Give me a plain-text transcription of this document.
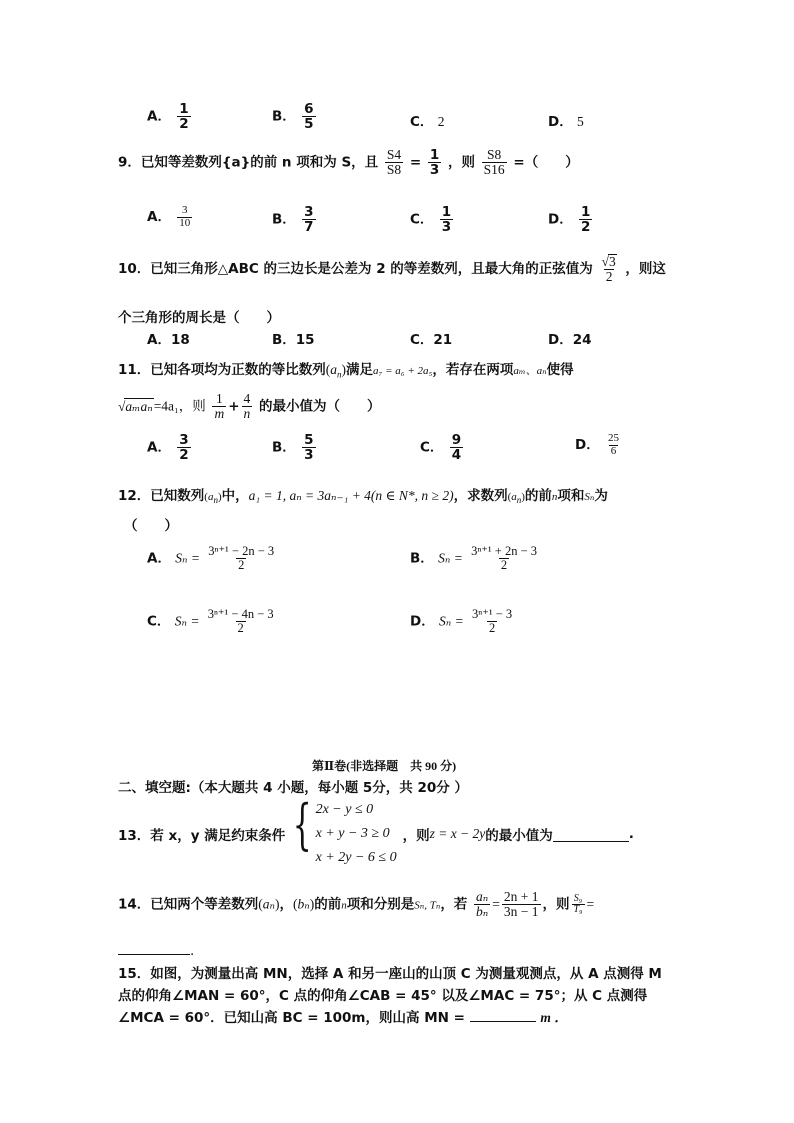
A． $\frac{1}{2}$	B． $\frac{6}{5}$	C． 2	D． 5
9．已知等差数列{a}的前 n 项和为 S，且 $\frac{S4}{S8} = \frac{1}{3}$ ，则 $\frac{S8}{S16}$ =（　　）
A． $\frac{3}{10}$	B． $\frac{3}{7}$	C． $\frac{1}{3}$	D． $\frac{1}{2}$
10．已知三角形△ABC 的三边长是公差为 2 的等差数列，且最大角的正弦值为 $\frac{√3}{2}$ ，则这
个三角形的周长是（　　）
A．18	B．15	C．21	D．24
11．已知各项均为正数的等比数列$(a_n)$满足a₇ = a₆ + 2a₅，若存在两项aₘ、aₙ使得
√aₘaₙ=4a₁，则 $\frac{1}{m} + \frac{4}{n}$ 的最小值为（　　）
A． $\frac{3}{2}$	B． $\frac{5}{3}$	C． $\frac{9}{4}$	D． $\frac{25}{6}$
12．已知数列$(a_n)$中，a₁ = 1, aₙ = 3aₙ₋₁ + 4(n ∈ N*, n ≥ 2)，求数列$(a_n)$的前n项和Sₙ为
（　　）
A． $S_n = \frac{\text{3ⁿ⁺¹ − 2n − 3}}{2}$	B． $S_n = \frac{\text{3ⁿ⁺¹ + 2n − 3}}{2}$
C． $S_n = \frac{\text{3ⁿ⁺¹ − 4n − 3}}{2}$	D． $S_n = \frac{\text{3ⁿ⁺¹ − 3}}{2}$
第Ⅱ卷(非选择题　共 90 分)
二、填空题:（本大题共 4 小题，每小题 5分，共 20分 ）
13．若 x，y 满足约束条件 { 2x − y ≤ 0
x + y − 3 ≥ 0
x + 2y − 6 ≤ 0
，则 z = x − 2y 的最小值为	.
14．已知两个等差数列(aₙ)，(bₙ)的前n项和分别是Sₙ, Tₙ，若 $\frac{\text{aₙ}}{\text{bₙ}} = \frac{2n + 1}{3n - 1}$ ，则 $\frac{\text{S₉}}{\text{T₉}}$ =
.
15．如图，为测量出高 MN，选择 A 和另一座山的山顶 C 为测量观测点，从 A 点测得 M
点的仰角∠MAN = 60°，C 点的仰角∠CAB = 45° 以及∠MAC = 75°；从 C 点测得
∠MCA = 60°．已知山高 BC = 100m，则山高 MN =	m ．
